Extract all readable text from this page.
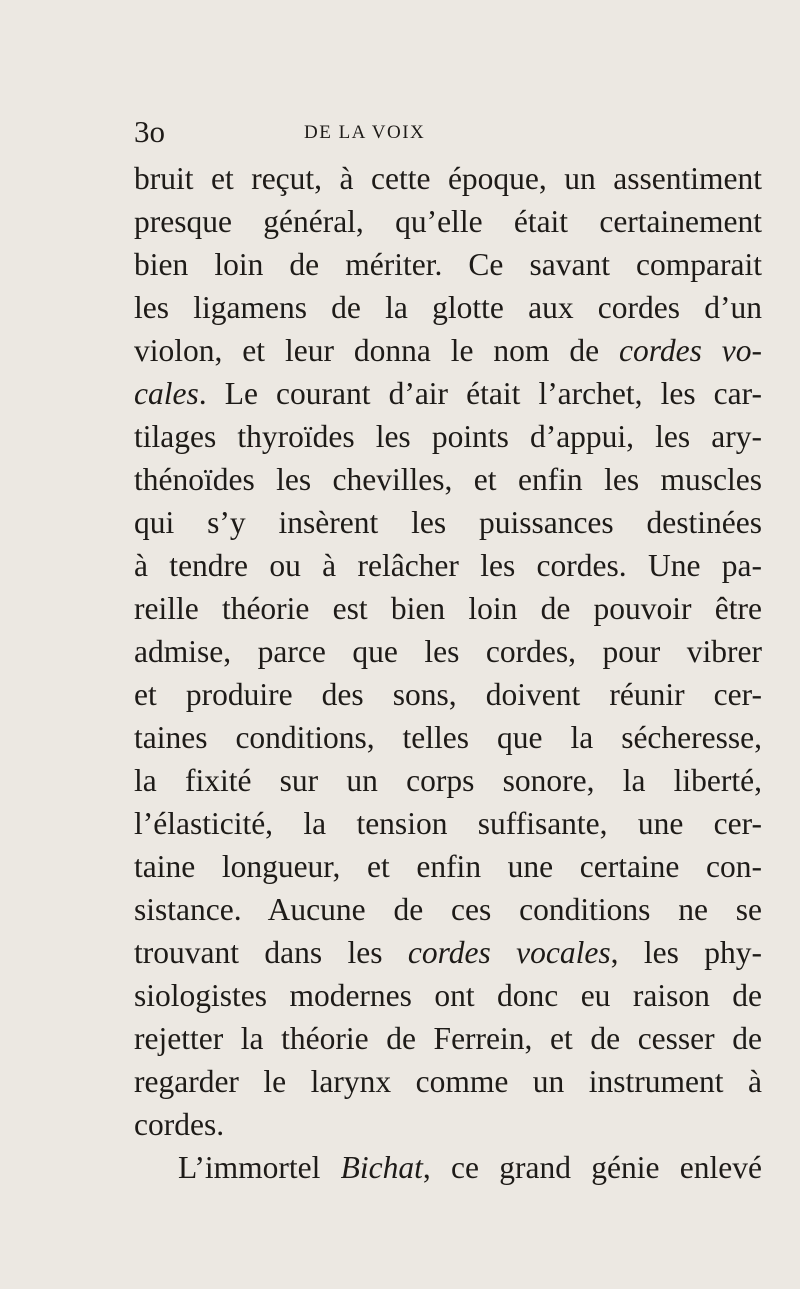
3o	DE LA VOIX
bruit et reçut, à cette époque, un assentiment
presque général, qu’elle était certainement
bien loin de mériter. Ce savant comparait
les ligamens de la glotte aux cordes d’un
violon, et leur donna le nom de cordes vo-
cales. Le courant d’air était l’archet, les car-
tilages thyroïdes les points d’appui, les ary-
thénoïdes les chevilles, et enfin les muscles
qui s’y insèrent les puissances destinées
à tendre ou à relâcher les cordes. Une pa-
reille théorie est bien loin de pouvoir être
admise, parce que les cordes, pour vibrer
et produire des sons, doivent réunir cer-
taines conditions, telles que la sécheresse,
la fixité sur un corps sonore, la liberté,
l’élasticité, la tension suffisante, une cer-
taine longueur, et enfin une certaine con-
sistance. Aucune de ces conditions ne se
trouvant dans les cordes vocales, les phy-
siologistes modernes ont donc eu raison de
rejetter la théorie de Ferrein, et de cesser de
regarder le larynx comme un instrument à
cordes.
L’immortel Bichat, ce grand génie enlevé
